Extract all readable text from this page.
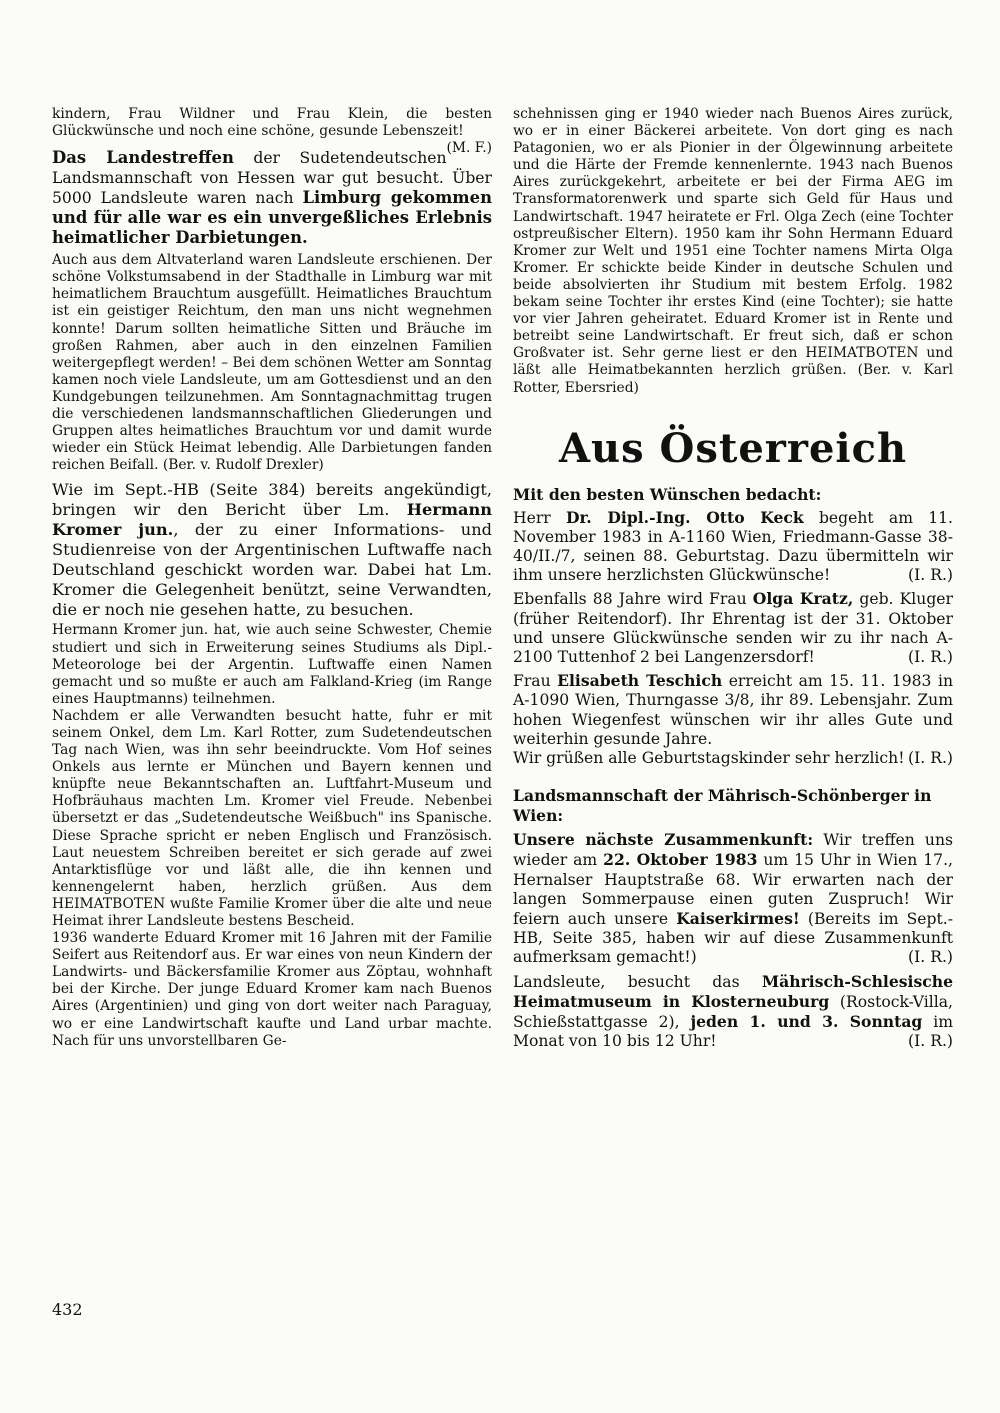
kindern, Frau Wildner und Frau Klein, die besten Glückwünsche und noch eine schöne, gesunde Lebenszeit!
(M. F.)

Das Landestreffen der Sudetendeutschen Landsmannschaft von Hessen war gut besucht. Über 5000 Landsleute waren nach Limburg gekommen und für alle war es ein unvergeßliches Erlebnis heimatlicher Darbietungen.

Auch aus dem Altvaterland waren Landsleute erschienen. Der schöne Volkstumsabend in der Stadthalle in Limburg war mit heimatlichem Brauchtum ausgefüllt. Heimatliches Brauchtum ist ein geistiger Reichtum, den man uns nicht wegnehmen konnte! Darum sollten heimatliche Sitten und Bräuche im großen Rahmen, aber auch in den einzelnen Familien weitergepflegt werden! – Bei dem schönen Wetter am Sonntag kamen noch viele Landsleute, um am Gottesdienst und an den Kundgebungen teilzunehmen. Am Sonntagnachmittag trugen die verschiedenen landsmannschaftlichen Gliederungen und Gruppen altes heimatliches Brauchtum vor und damit wurde wieder ein Stück Heimat lebendig. Alle Darbietungen fanden reichen Beifall. (Ber. v. Rudolf Drexler)

Wie im Sept.-HB (Seite 384) bereits angekündigt, bringen wir den Bericht über Lm. Hermann Kromer jun., der zu einer Informations- und Studienreise von der Argentinischen Luftwaffe nach Deutschland geschickt worden war. Dabei hat Lm. Kromer die Gelegenheit benützt, seine Verwandten, die er noch nie gesehen hatte, zu besuchen.

Hermann Kromer jun. hat, wie auch seine Schwester, Chemie studiert und sich in Erweiterung seines Studiums als Dipl.-Meteorologe bei der Argentin. Luftwaffe einen Namen gemacht und so mußte er auch am Falkland-Krieg (im Range eines Hauptmanns) teilnehmen.

Nachdem er alle Verwandten besucht hatte, fuhr er mit seinem Onkel, dem Lm. Karl Rotter, zum Sudetendeutschen Tag nach Wien, was ihn sehr beeindruckte. Vom Hof seines Onkels aus lernte er München und Bayern kennen und knüpfte neue Bekanntschaften an. Luftfahrt-Museum und Hofbräuhaus machten Lm. Kromer viel Freude. Nebenbei übersetzt er das „Sudetendeutsche Weißbuch" ins Spanische. Diese Sprache spricht er neben Englisch und Französisch. Laut neuestem Schreiben bereitet er sich gerade auf zwei Antarktisflüge vor und läßt alle, die ihn kennen und kennengelernt haben, herzlich grüßen. Aus dem HEIMATBOTEN wußte Familie Kromer über die alte und neue Heimat ihrer Landsleute bestens Bescheid.

1936 wanderte Eduard Kromer mit 16 Jahren mit der Familie Seifert aus Reitendorf aus. Er war eines von neun Kindern der Landwirts- und Bäckersfamilie Kromer aus Zöptau, wohnhaft bei der Kirche. Der junge Eduard Kromer kam nach Buenos Aires (Argentinien) und ging von dort weiter nach Paraguay, wo er eine Landwirtschaft kaufte und Land urbar machte. Nach für uns unvorstellbaren Ge-

schehnissen ging er 1940 wieder nach Buenos Aires zurück, wo er in einer Bäckerei arbeitete. Von dort ging es nach Patagonien, wo er als Pionier in der Ölgewinnung arbeitete und die Härte der Fremde kennenlernte. 1943 nach Buenos Aires zurückgekehrt, arbeitete er bei der Firma AEG im Transformatorenwerk und sparte sich Geld für Haus und Landwirtschaft. 1947 heiratete er Frl. Olga Zech (eine Tochter ostpreußischer Eltern). 1950 kam ihr Sohn Hermann Eduard Kromer zur Welt und 1951 eine Tochter namens Mirta Olga Kromer. Er schickte beide Kinder in deutsche Schulen und beide absolvierten ihr Studium mit bestem Erfolg. 1982 bekam seine Tochter ihr erstes Kind (eine Tochter); sie hatte vor vier Jahren geheiratet. Eduard Kromer ist in Rente und betreibt seine Landwirtschaft. Er freut sich, daß er schon Großvater ist. Sehr gerne liest er den HEIMATBOTEN und läßt alle Heimatbekannten herzlich grüßen. (Ber. v. Karl Rotter, Ebersried)

Aus Österreich
Mit den besten Wünschen bedacht:

Herr Dr. Dipl.-Ing. Otto Keck begeht am 11. November 1983 in A-1160 Wien, Friedmann-Gasse 38-40/II./7, seinen 88. Geburtstag. Dazu übermitteln wir ihm unsere herzlichsten Glückwünsche!	(I. R.)

Ebenfalls 88 Jahre wird Frau Olga Kratz, geb. Kluger (früher Reitendorf). Ihr Ehrentag ist der 31. Oktober und unsere Glückwünsche senden wir zu ihr nach A-2100 Tuttenhof 2 bei Langenzersdorf!	(I. R.)

Frau Elisabeth Teschich erreicht am 15. 11. 1983 in A-1090 Wien, Thurngasse 3/8, ihr 89. Lebensjahr. Zum hohen Wiegenfest wünschen wir ihr alles Gute und weiterhin gesunde Jahre.

Wir grüßen alle Geburtstagskinder sehr herzlich! (I. R.)

Landsmannschaft der Mährisch-Schönberger in Wien:

Unsere nächste Zusammenkunft: Wir treffen uns wieder am 22. Oktober 1983 um 15 Uhr in Wien 17., Hernalser Hauptstraße 68. Wir erwarten nach der langen Sommerpause einen guten Zuspruch! Wir feiern auch unsere Kaiserkirmes! (Bereits im Sept.-HB, Seite 385, haben wir auf diese Zusammenkunft aufmerksam gemacht!)	(I. R.)

Landsleute, besucht das Mährisch-Schlesische Heimatmuseum in Klosterneuburg (Rostock-Villa, Schießstattgasse 2), jeden 1. und 3. Sonntag im Monat von 10 bis 12 Uhr!	(I. R.)

432
